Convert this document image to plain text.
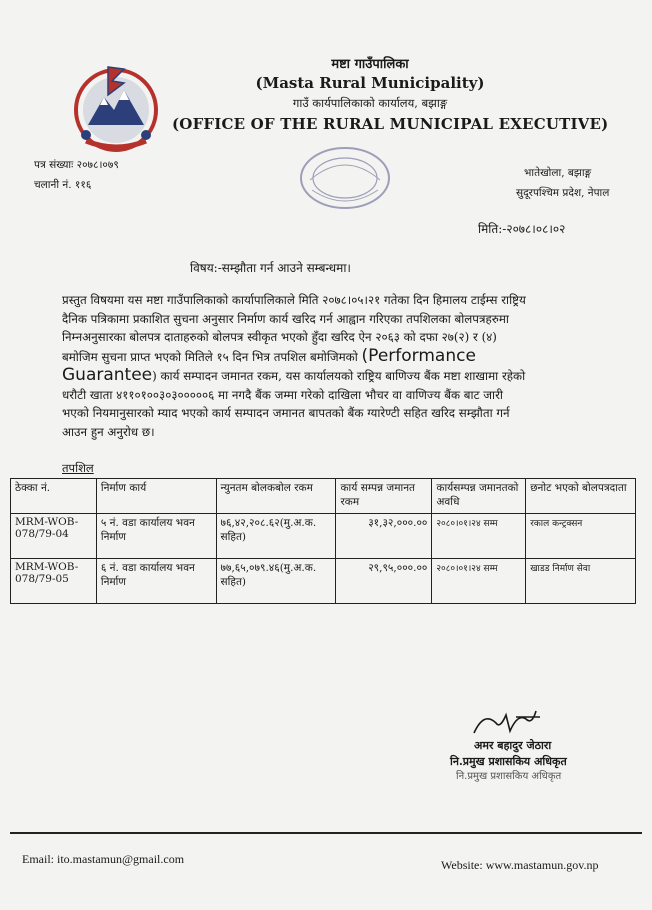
मष्टा गाउँपालिका
(Masta Rural Municipality)
गाउँ कार्यपालिकाको कार्यालय, बझाङ्ग
(OFFICE OF THE RURAL MUNICIPAL EXECUTIVE)
पत्र संख्याः २०७८।०७९
चलानी नं. ११६
भातेखोला, बझाङ्ग
सुदूरपश्चिम प्रदेश, नेपाल
मिति:-२०७८।०८।०२
विषय:-सम्झौता गर्न आउने सम्बन्धमा।
प्रस्तुत विषयमा यस मष्टा गाउँपालिकाको कार्यापालिकाले मिति २०७८।०५।२१ गतेका दिन हिमालय टाईम्स राष्ट्रिय
दैनिक पत्रिकामा प्रकाशित सुचना अनुसार निर्माण कार्य खरिद गर्न आह्वान गरिएका तपशिलका बोलपत्रहरुमा
निम्नअनुसारका बोलपत्र दाताहरुको बोलपत्र स्वीकृत भएको हुँदा खरिद ऐन २०६३ को दफा २७(२) र (४)
बमोजिम सुचना प्राप्त भएको मितिले १५ दिन भित्र तपशिल बमोजिमको (Performance
Guarantee) कार्य सम्पादन जमानत रकम, यस कार्यालयको राष्ट्रिय बाणिज्य बैंक मष्टा शाखामा रहेको
धरौटी खाता ४११०१००३०३०००००६ मा नगदै बैंक जम्मा गरेको दाखिला भौचर वा वाणिज्य बैंक बाट जारी
भएको नियमानुसारको म्याद भएको कार्य सम्पादन जमानत बापतको बैंक ग्यारेण्टी सहित खरिद सम्झौता गर्न
आउन हुन अनुरोध छ।
तपशिल
ठेक्का नं.	निर्माण कार्य	न्युनतम बोलकबोल रकम	कार्य सम्पन्न जमानत रकम	कार्यसम्पन्न जमानतको अवधि	छनोट भएको बोलपत्रदाता
MRM-WOB-078/79-04	५ नं. वडा कार्यालय भवन निर्माण	७६,४२,२०८.६२(मु.अ.क. सहित)	३१,३२,०००.००	२०८०।०१।२४ सम्म	रकाल कन्ट्रक्सन
MRM-WOB-078/79-05	६ नं. वडा कार्यालय भवन निर्माण	७७,६५,०७९.४६(मु.अ.क. सहित)	२९,९५,०००.००	२०८०।०१।२४ सम्म	खाडड निर्माण सेवा
अमर बहादुर जेठारा
नि.प्रमुख प्रशासकिय अधिकृत
नि.प्रमुख प्रशासकिय अधिकृत
Email: ito.mastamun@gmail.com	Website: www.mastamun.gov.np
